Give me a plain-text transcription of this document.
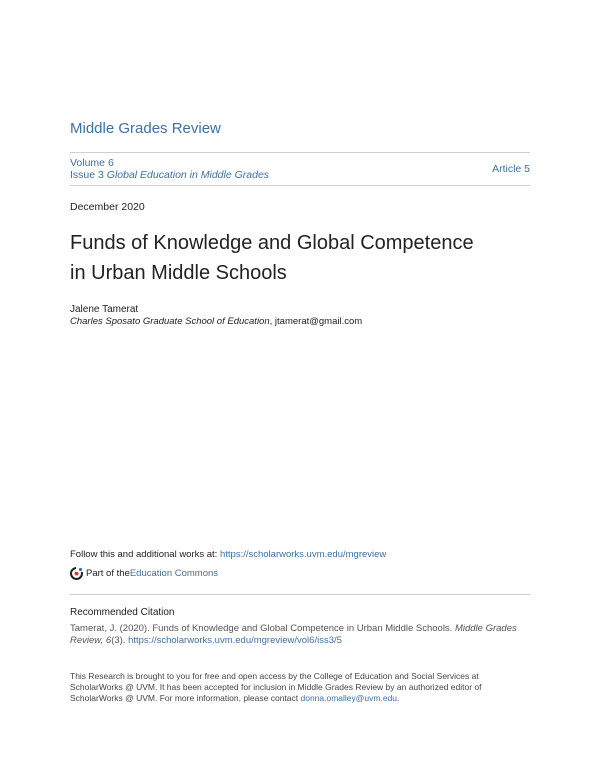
Middle Grades Review
Volume 6
Issue 3 Global Education in Middle Grades	Article 5
December 2020
Funds of Knowledge and Global Competence
in Urban Middle Schools
Jalene Tamerat
Charles Sposato Graduate School of Education, jtamerat@gmail.com
Follow this and additional works at: https://scholarworks.uvm.edu/mgreview
Part of the Education Commons
Recommended Citation
Tamerat, J. (2020). Funds of Knowledge and Global Competence in Urban Middle Schools. Middle Grades Review, 6(3). https://scholarworks.uvm.edu/mgreview/vol6/iss3/5
This Research is brought to you for free and open access by the College of Education and Social Services at ScholarWorks @ UVM. It has been accepted for inclusion in Middle Grades Review by an authorized editor of ScholarWorks @ UVM. For more information, please contact donna.omalley@uvm.edu.
